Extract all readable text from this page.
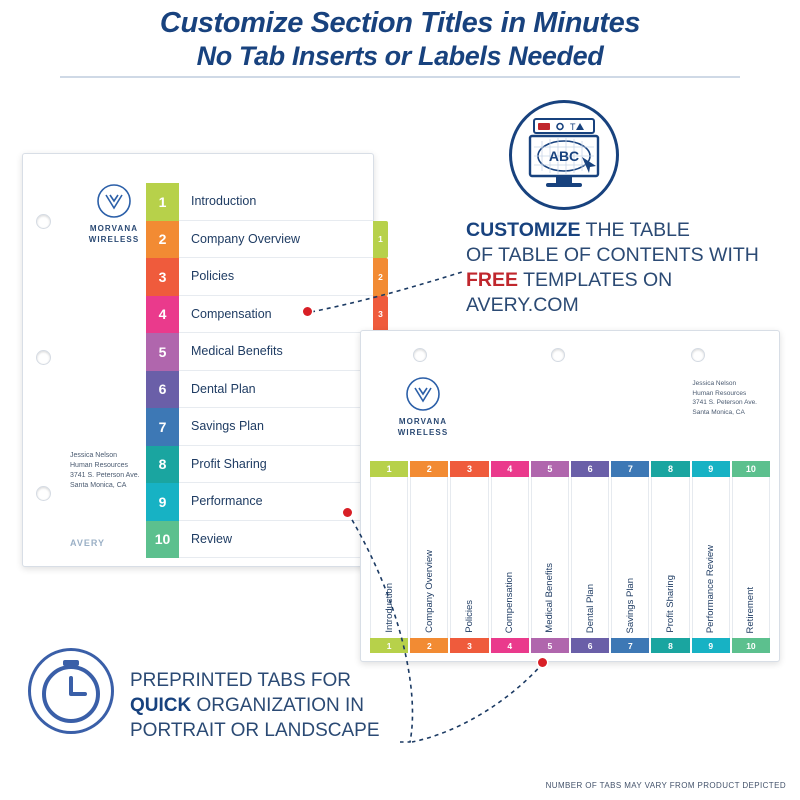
Customize Section Titles in Minutes
No Tab Inserts or Labels Needed
MORVANA
WIRELESS
1	Introduction
1
2	Company Overview
2
3	Policies
3
4	Compensation
5	Medical Benefits
6	Dental Plan
7	Savings Plan
8	Profit Sharing
9	Performance
10	Review
Jessica Nelson
Human Resources
3741 S. Peterson Ave.
Santa Monica, CA
AVERY
MORVANA
WIRELESS
Jessica Nelson
Human Resources
3741 S. Peterson Ave.
Santa Monica, CA
1
Introduction
1
2
Company Overview
2
3
Policies
3
4
Compensation
4
5
Medical Benefits
5
6
Dental Plan
6
7
Savings Plan
7
8
Profit Sharing
8
9
Performance Review
9
10
Retirement
10
T
ABC
CUSTOMIZE THE TABLE
OF TABLE OF CONTENTS WITH
FREE TEMPLATES ON
AVERY.COM
PREPRINTED TABS FOR
QUICK ORGANIZATION IN
PORTRAIT OR LANDSCAPE
NUMBER OF TABS MAY VARY FROM PRODUCT DEPICTED
